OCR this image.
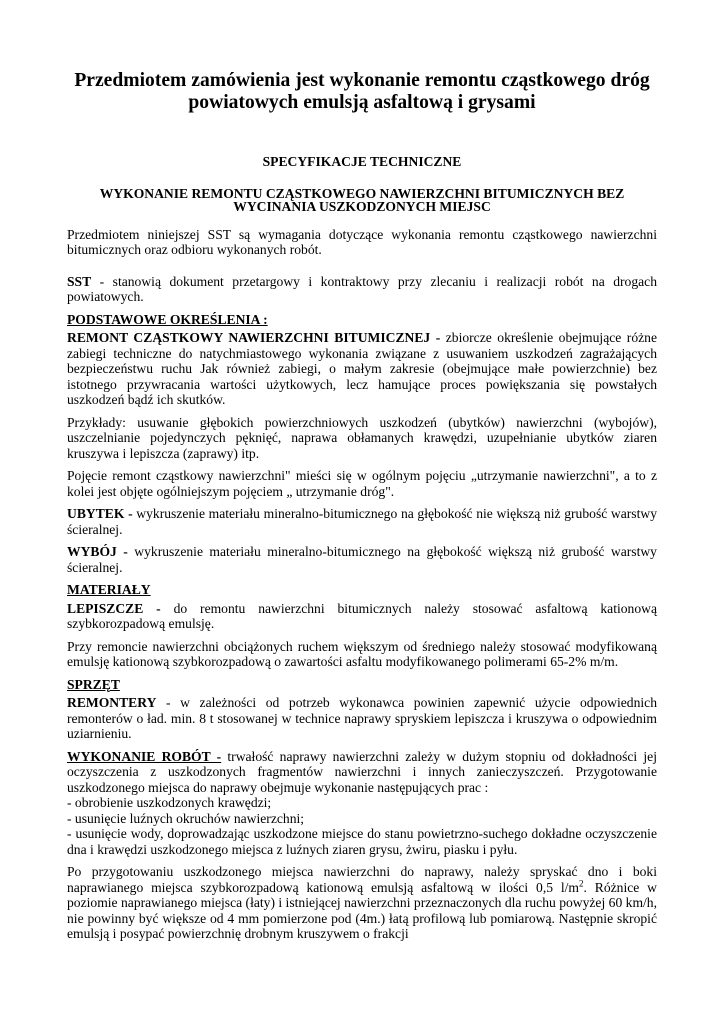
Przedmiotem zamówienia jest wykonanie remontu cząstkowego dróg powiatowych emulsją asfaltową i grysami
SPECYFIKACJE TECHNICZNE
WYKONANIE REMONTU CZĄSTKOWEGO NAWIERZCHNI BITUMICZNYCH BEZ WYCINANIA USZKODZONYCH MIEJSC

Przedmiotem niniejszej SST są wymagania dotyczące wykonania remontu cząstkowego nawierzchni bitumicznych oraz odbioru wykonanych robót.

SST - stanowią dokument przetargowy i kontraktowy przy zlecaniu i realizacji robót na drogach powiatowych.

PODSTAWOWE OKREŚLENIA :

REMONT CZĄSTKOWY NAWIERZCHNI BITUMICZNEJ - zbiorcze określenie obejmujące różne zabiegi techniczne do natychmiastowego wykonania związane z usuwaniem uszkodzeń zagrażających bezpieczeństwu ruchu Jak również zabiegi, o małym zakresie (obejmujące małe powierzchnie) bez istotnego przywracania wartości użytkowych, lecz hamujące proces powiększania się powstałych uszkodzeń bądź ich skutków.

Przykłady: usuwanie głębokich powierzchniowych uszkodzeń (ubytków) nawierzchni (wybojów), uszczelnianie pojedynczych pęknięć, naprawa obłamanych krawędzi, uzupełnianie ubytków ziaren kruszywa i lepiszcza (zaprawy) itp.

Pojęcie remont cząstkowy nawierzchni" mieści się w ogólnym pojęciu „utrzymanie nawierzchni", a to z kolei jest objęte ogólniejszym pojęciem „ utrzymanie dróg".

UBYTEK - wykruszenie materiału mineralno-bitumicznego na głębokość nie większą niż grubość warstwy ścieralnej.

WYBÓJ - wykruszenie materiału mineralno-bitumicznego na głębokość większą niż grubość warstwy ścieralnej.

MATERIAŁY

LEPISZCZE - do remontu nawierzchni bitumicznych należy stosować asfaltową kationową szybkorozpadową emulsję.

Przy remoncie nawierzchni obciążonych ruchem większym od średniego należy stosować modyfikowaną emulsję kationową szybkorozpadową o zawartości asfaltu modyfikowanego polimerami 65-2% m/m.

SPRZĘT

REMONTERY - w zależności od potrzeb wykonawca powinien zapewnić użycie odpowiednich remonterów o ład. min. 8 t stosowanej w technice naprawy spryskiem lepiszcza i kruszywa o odpowiednim uziarnieniu.

WYKONANIE ROBÓT - trwałość naprawy nawierzchni zależy w dużym stopniu od dokładności jej oczyszczenia z uszkodzonych fragmentów nawierzchni i innych zanieczyszczeń. Przygotowanie uszkodzonego miejsca do naprawy obejmuje wykonanie następujących prac :

- obrobienie uszkodzonych krawędzi;
- usunięcie luźnych okruchów nawierzchni;

- usunięcie wody, doprowadzając uszkodzone miejsce do stanu powietrzno-suchego dokładne oczyszczenie dna i krawędzi uszkodzonego miejsca z luźnych ziaren grysu, żwiru, piasku i pyłu.

Po przygotowaniu uszkodzonego miejsca nawierzchni do naprawy, należy spryskać dno i boki naprawianego miejsca szybkorozpadową kationową emulsją asfaltową w ilości 0,5 $l/m^2$. Różnice w poziomie naprawianego miejsca (łaty) i istniejącej nawierzchni przeznaczonych dla ruchu powyżej 60 km/h, nie powinny być większe od 4 mm pomierzone pod (4m.) łatą profilową lub pomiarową. Następnie skropić emulsją i posypać powierzchnię drobnym kruszywem o frakcji
